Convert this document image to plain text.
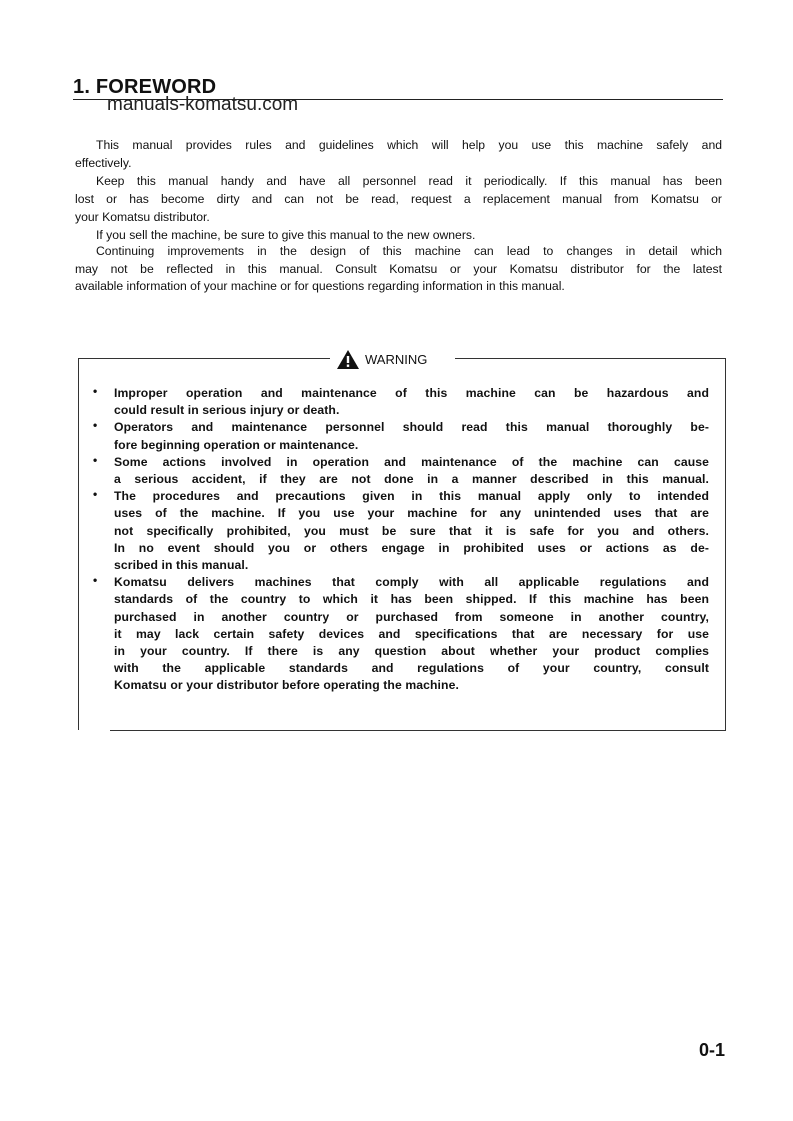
1. FOREWORD
manuals-komatsu.com
This manual provides rules and guidelines which will help you use this machine safely and
effectively.
Keep this manual handy and have all personnel read it periodically. If this manual has been
lost or has become dirty and can not be read, request a replacement manual from Komatsu or
your Komatsu distributor.
If you sell the machine, be sure to give this manual to the new owners.
Continuing improvements in the design of this machine can lead to changes in detail which
may not be reflected in this manual. Consult Komatsu or your Komatsu distributor for the latest
available information of your machine or for questions regarding information in this manual.
WARNING
• Improper operation and maintenance of this machine can be hazardous and
could result in serious injury or death.
• Operators and maintenance personnel should read this manual thoroughly be-
fore beginning operation or maintenance.
• Some actions involved in operation and maintenance of the machine can cause
a serious accident, if they are not done in a manner described in this manual.
• The procedures and precautions given in this manual apply only to intended
uses of the machine. If you use your machine for any unintended uses that are
not specifically prohibited, you must be sure that it is safe for you and others.
In no event should you or others engage in prohibited uses or actions as de-
scribed in this manual.
• Komatsu delivers machines that comply with all applicable regulations and
standards of the country to which it has been shipped. If this machine has been
purchased in another country or purchased from someone in another country,
it may lack certain safety devices and specifications that are necessary for use
in your country. If there is any question about whether your product complies
with the applicable standards and regulations of your country, consult
Komatsu or your distributor before operating the machine.
0-1
